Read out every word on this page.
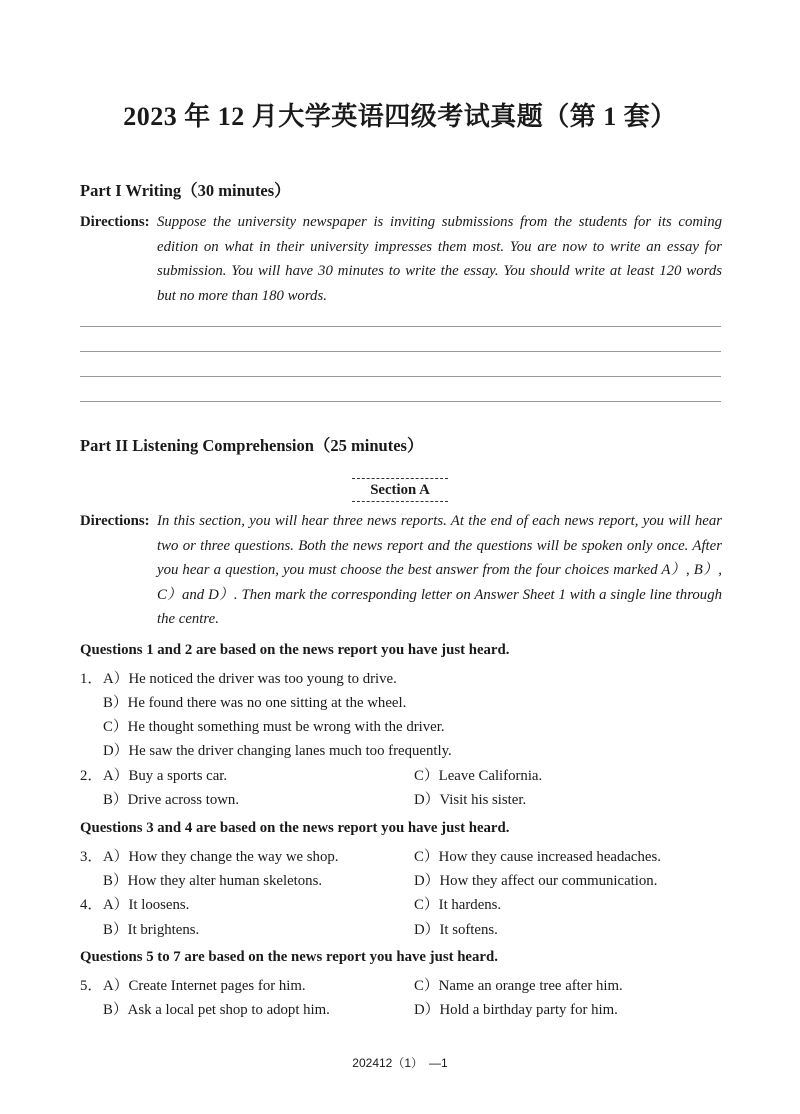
2023 年 12 月大学英语四级考试真题（第 1 套）
Part I Writing（30 minutes）
Directions: Suppose the university newspaper is inviting submissions from the students for its coming edition on what in their university impresses them most. You are now to write an essay for submission. You will have 30 minutes to write the essay. You should write at least 120 words but no more than 180 words.
Part II Listening Comprehension（25 minutes）
Section A
Directions: In this section, you will hear three news reports. At the end of each news report, you will hear two or three questions. Both the news report and the questions will be spoken only once. After you hear a question, you must choose the best answer from the four choices marked A）, B）, C）and D）. Then mark the corresponding letter on Answer Sheet 1 with a single line through the centre.
Questions 1 and 2 are based on the news report you have just heard.
1． A）He noticed the driver was too young to drive.
B）He found there was no one sitting at the wheel.
C）He thought something must be wrong with the driver.
D）He saw the driver changing lanes much too frequently.
2． A）Buy a sports car.	C）Leave California.
B）Drive across town.	D）Visit his sister.
Questions 3 and 4 are based on the news report you have just heard.
3． A）How they change the way we shop.	C）How they cause increased headaches.
B）How they alter human skeletons.	D）How they affect our communication.
4． A）It loosens.	C）It hardens.
B）It brightens.	D）It softens.
Questions 5 to 7 are based on the news report you have just heard.
5． A）Create Internet pages for him.	C）Name an orange tree after him.
B）Ask a local pet shop to adopt him.	D）Hold a birthday party for him.
202412（1）　—1
